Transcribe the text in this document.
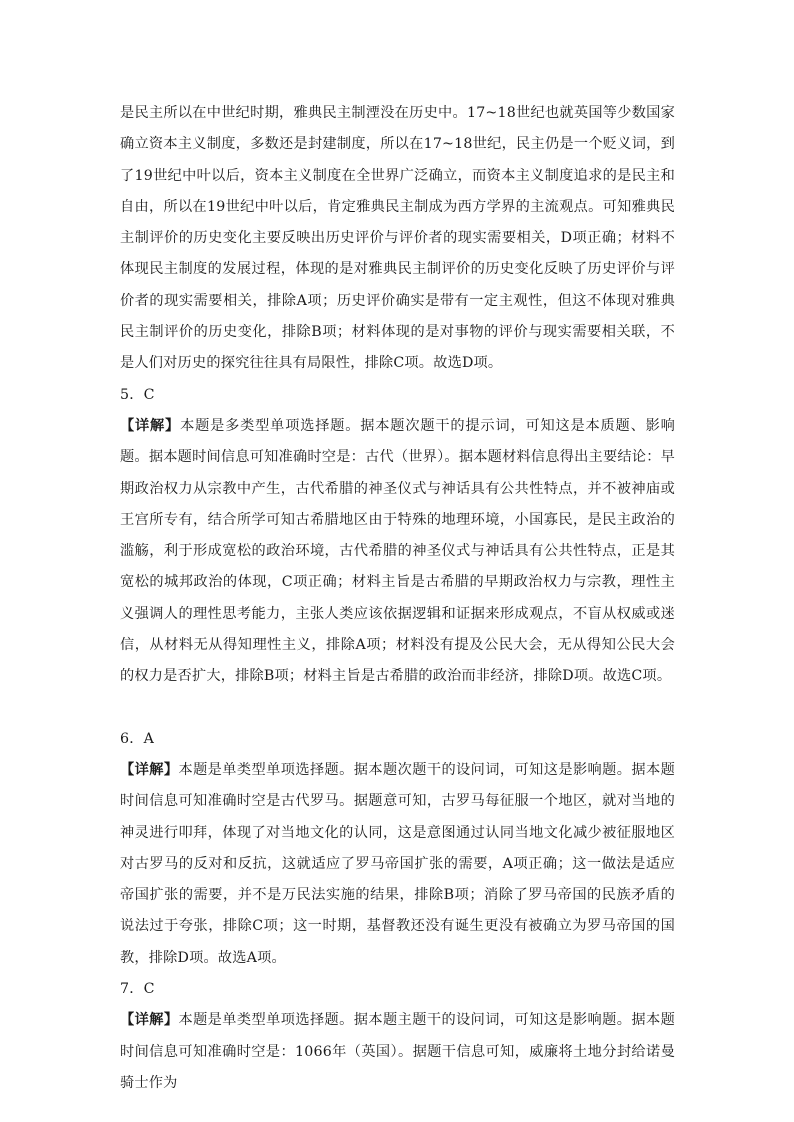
是民主所以在中世纪时期，雅典民主制湮没在历史中。17~18世纪也就英国等少数国家确立资本主义制度，多数还是封建制度，所以在17~18世纪，民主仍是一个贬义词，到了19世纪中叶以后，资本主义制度在全世界广泛确立，而资本主义制度追求的是民主和自由，所以在19世纪中叶以后，肯定雅典民主制成为西方学界的主流观点。可知雅典民主制评价的历史变化主要反映出历史评价与评价者的现实需要相关，D项正确；材料不体现民主制度的发展过程，体现的是对雅典民主制评价的历史变化反映了历史评价与评价者的现实需要相关，排除A项；历史评价确实是带有一定主观性，但这不体现对雅典民主制评价的历史变化，排除B项；材料体现的是对事物的评价与现实需要相关联，不是人们对历史的探究往往具有局限性，排除C项。故选D项。

5．C

【详解】本题是多类型单项选择题。据本题次题干的提示词，可知这是本质题、影响题。据本题时间信息可知准确时空是：古代（世界）。据本题材料信息得出主要结论：早期政治权力从宗教中产生，古代希腊的神圣仪式与神话具有公共性特点，并不被神庙或王宫所专有，结合所学可知古希腊地区由于特殊的地理环境，小国寡民，是民主政治的滥觞，利于形成宽松的政治环境，古代希腊的神圣仪式与神话具有公共性特点，正是其宽松的城邦政治的体现，C项正确；材料主旨是古希腊的早期政治权力与宗教，理性主义强调人的理性思考能力，主张人类应该依据逻辑和证据来形成观点，不盲从权威或迷信，从材料无从得知理性主义，排除A项；材料没有提及公民大会，无从得知公民大会的权力是否扩大，排除B项；材料主旨是古希腊的政治而非经济，排除D项。故选C项。

6．A

【详解】本题是单类型单项选择题。据本题次题干的设问词，可知这是影响题。据本题时间信息可知准确时空是古代罗马。据题意可知，古罗马每征服一个地区，就对当地的神灵进行叩拜，体现了对当地文化的认同，这是意图通过认同当地文化减少被征服地区对古罗马的反对和反抗，这就适应了罗马帝国扩张的需要，A项正确；这一做法是适应帝国扩张的需要，并不是万民法实施的结果，排除B项；消除了罗马帝国的民族矛盾的说法过于夸张，排除C项；这一时期，基督教还没有诞生更没有被确立为罗马帝国的国教，排除D项。故选A项。

7．C

【详解】本题是单类型单项选择题。据本题主题干的设问词，可知这是影响题。据本题时间信息可知准确时空是：1066年（英国）。据题干信息可知，威廉将土地分封给诺曼骑士作为
